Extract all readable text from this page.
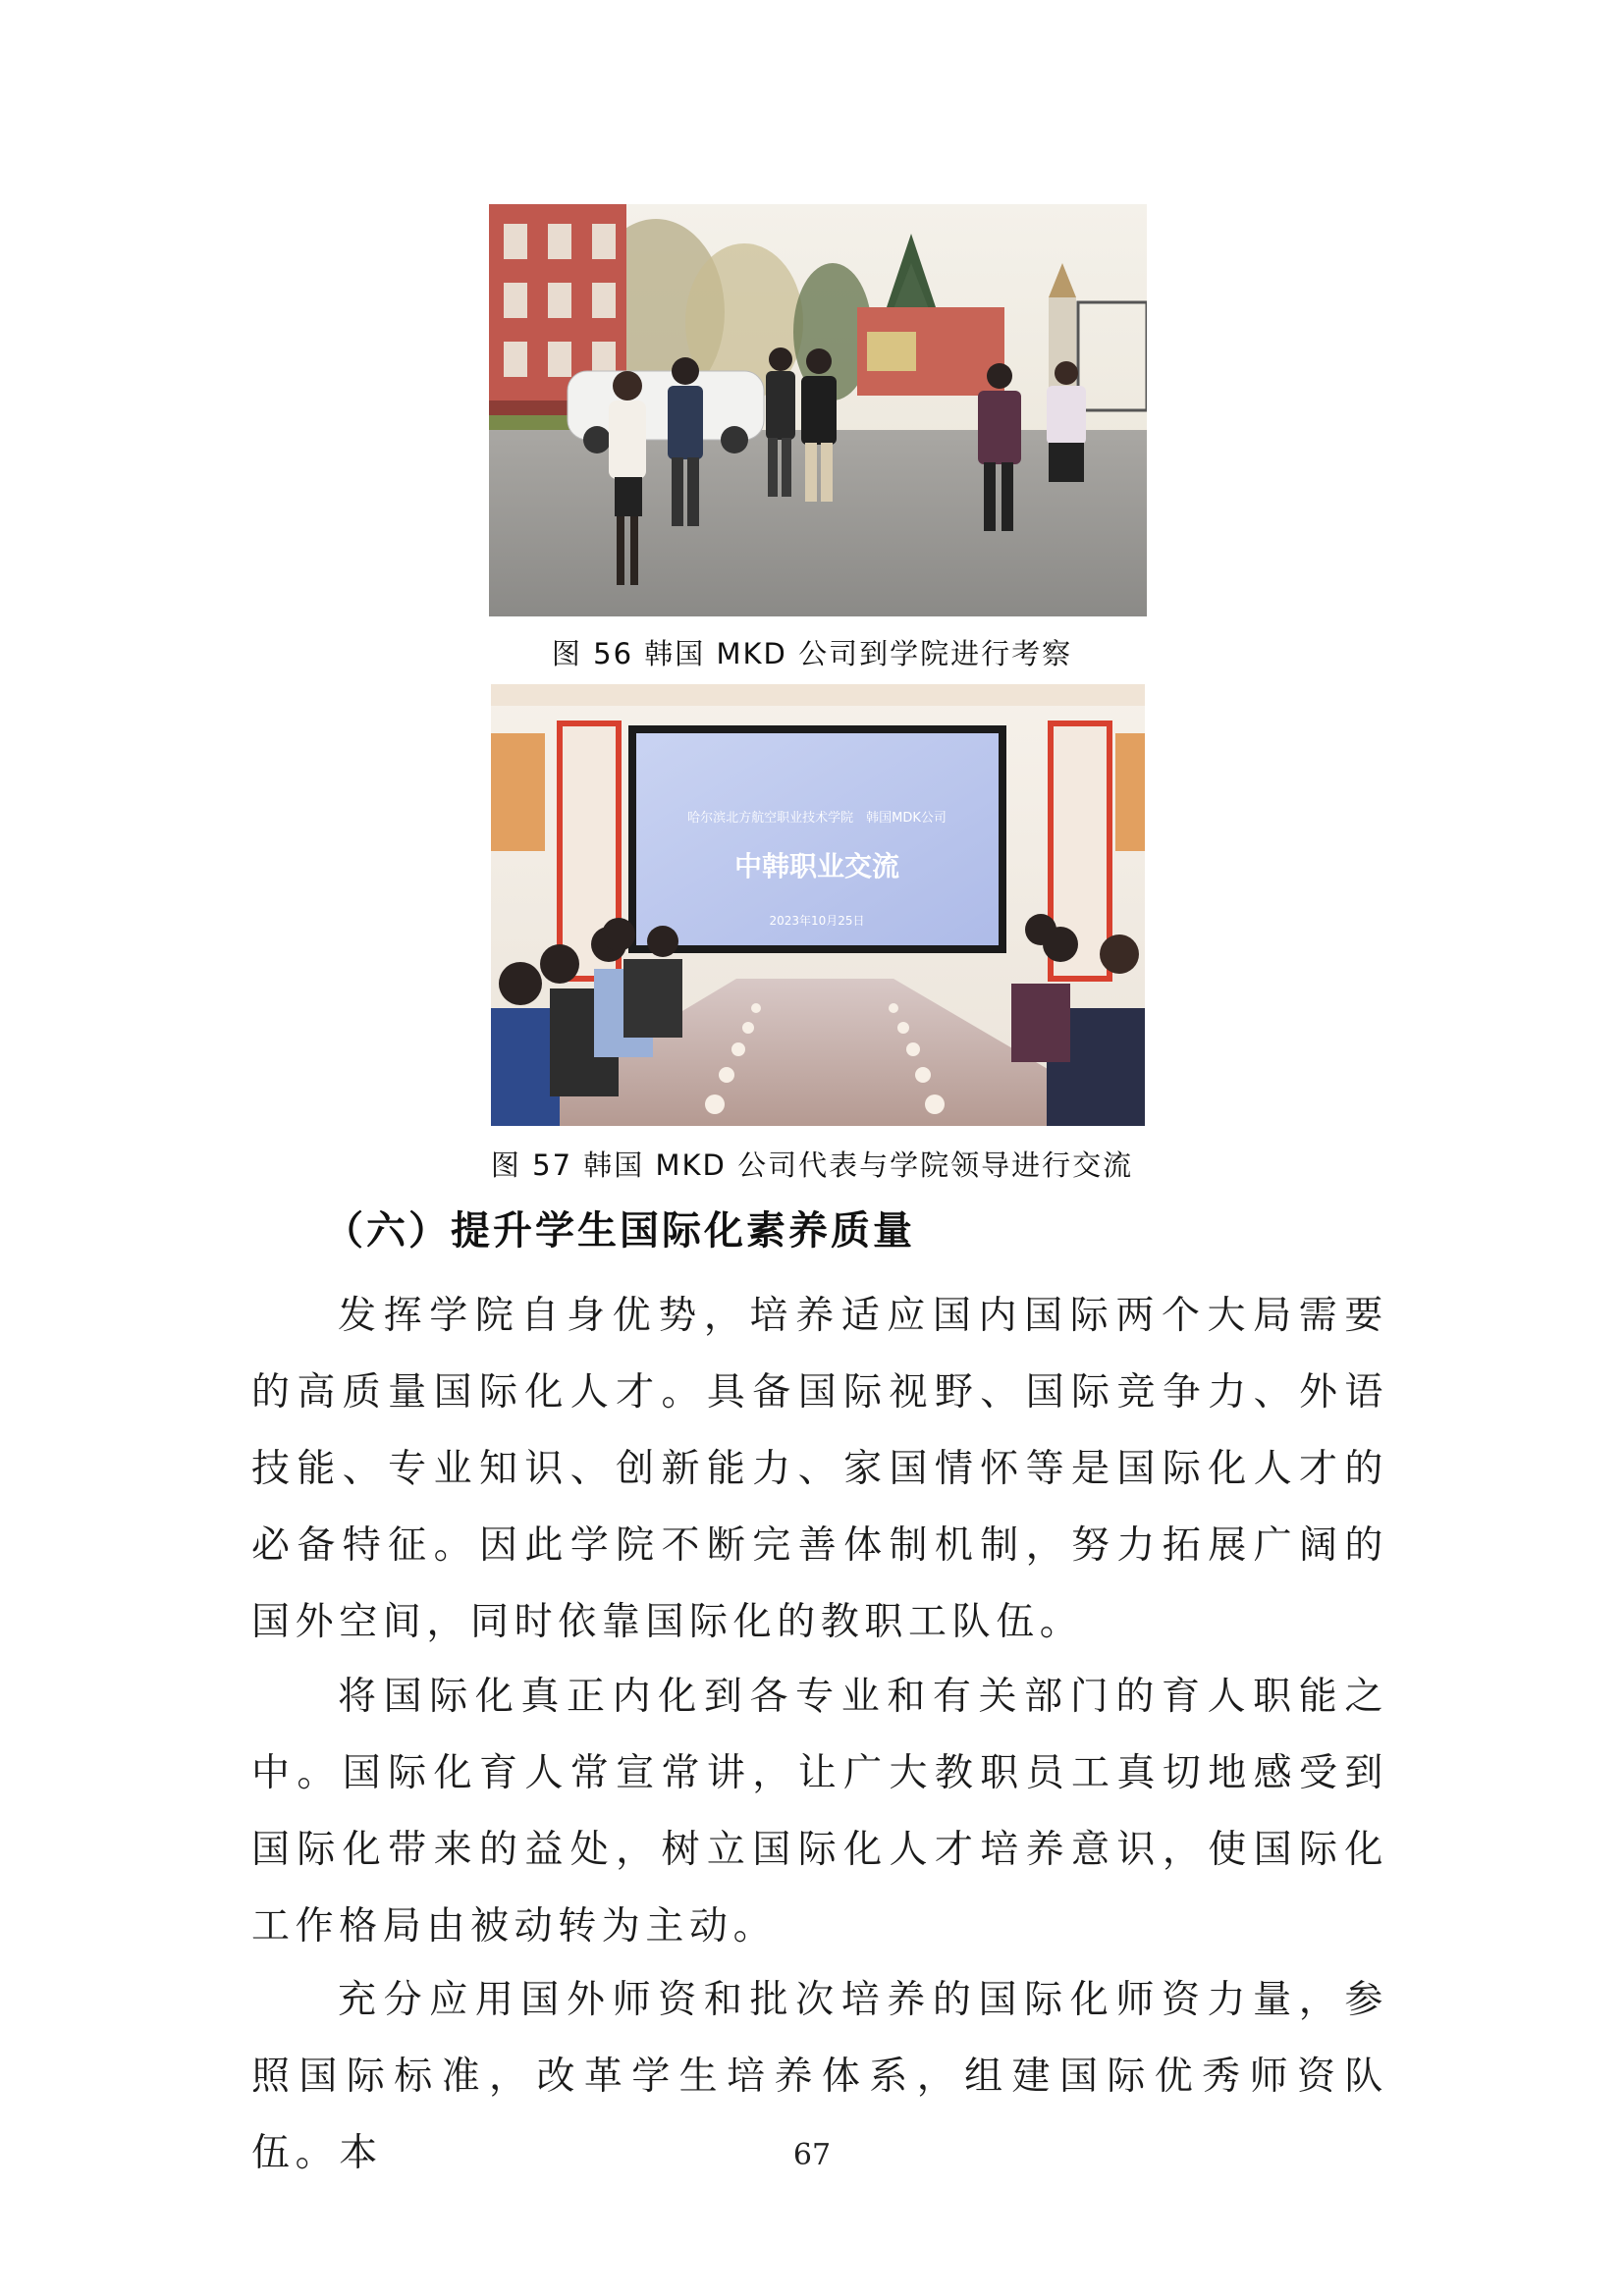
图 56 韩国 MKD 公司到学院进行考察
哈尔滨北方航空职业技术学院　韩国MDK公司
中韩职业交流
2023年10月25日
图 57 韩国 MKD 公司代表与学院领导进行交流
（六）提升学生国际化素养质量

发挥学院自身优势，培养适应国内国际两个大局需要的高质量国际化人才。具备国际视野、国际竞争力、外语技能、专业知识、创新能力、家国情怀等是国际化人才的必备特征。因此学院不断完善体制机制，努力拓展广阔的国外空间，同时依靠国际化的教职工队伍。

将国际化真正内化到各专业和有关部门的育人职能之中。国际化育人常宣常讲，让广大教职员工真切地感受到国际化带来的益处，树立国际化人才培养意识，使国际化工作格局由被动转为主动。

充分应用国外师资和批次培养的国际化师资力量，参照国际标准，改革学生培养体系，组建国际优秀师资队伍。本	67
